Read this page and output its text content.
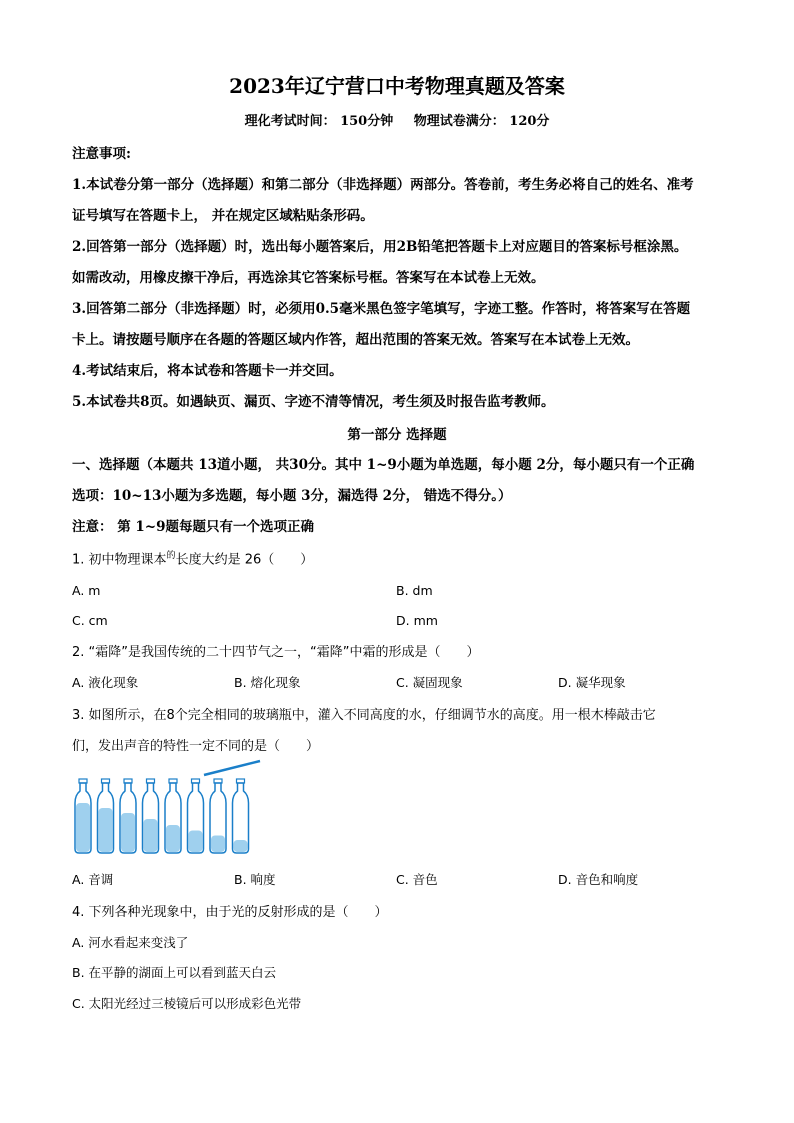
2023年辽宁营口中考物理真题及答案
理化考试时间： 150分钟 物理试卷满分： 120分
注意事项:
1.本试卷分第一部分（选择题）和第二部分（非选择题）两部分。答卷前，考生务必将自己的姓名、准考
证号填写在答题卡上， 并在规定区域粘贴条形码。
2.回答第一部分（选择题）时，选出每小题答案后，用2B铅笔把答题卡上对应题目的答案标号框涂黑。
如需改动，用橡皮擦干净后，再选涂其它答案标号框。答案写在本试卷上无效。
3.回答第二部分（非选择题）时，必须用0.5毫米黑色签字笔填写，字迹工整。作答时，将答案写在答题
卡上。请按题号顺序在各题的答题区域内作答，超出范围的答案无效。答案写在本试卷上无效。
4.考试结束后，将本试卷和答题卡一并交回。
5.本试卷共8页。如遇缺页、漏页、字迹不清等情况，考生须及时报告监考教师。
第一部分 选择题
一、选择题（本题共 13道小题， 共30分。其中 1~9小题为单选题，每小题 2分，每小题只有一个正确
选项：10~13小题为多选题，每小题 3分，漏选得 2分， 错选不得分。）
注意： 第 1~9题每题只有一个选项正确
1. 初中物理课本$^的$长度大约是 26（　　）
A. m	B. dm
C. cm	D. mm
2. “霜降”是我国传统的二十四节气之一，“霜降”中霜的形成是（　　）
A. 液化现象	B. 熔化现象	C. 凝固现象	D. 凝华现象
3. 如图所示，在8个完全相同的玻璃瓶中，灌入不同高度的水，仔细调节水的高度。用一根木棒敲击它
们，发出声音的特性一定不同的是（　　）
A. 音调	B. 响度	C. 音色	D. 音色和响度
4. 下列各种光现象中，由于光的反射形成的是（　　）
A. 河水看起来变浅了
B. 在平静的湖面上可以看到蓝天白云
C. 太阳光经过三棱镜后可以形成彩色光带
